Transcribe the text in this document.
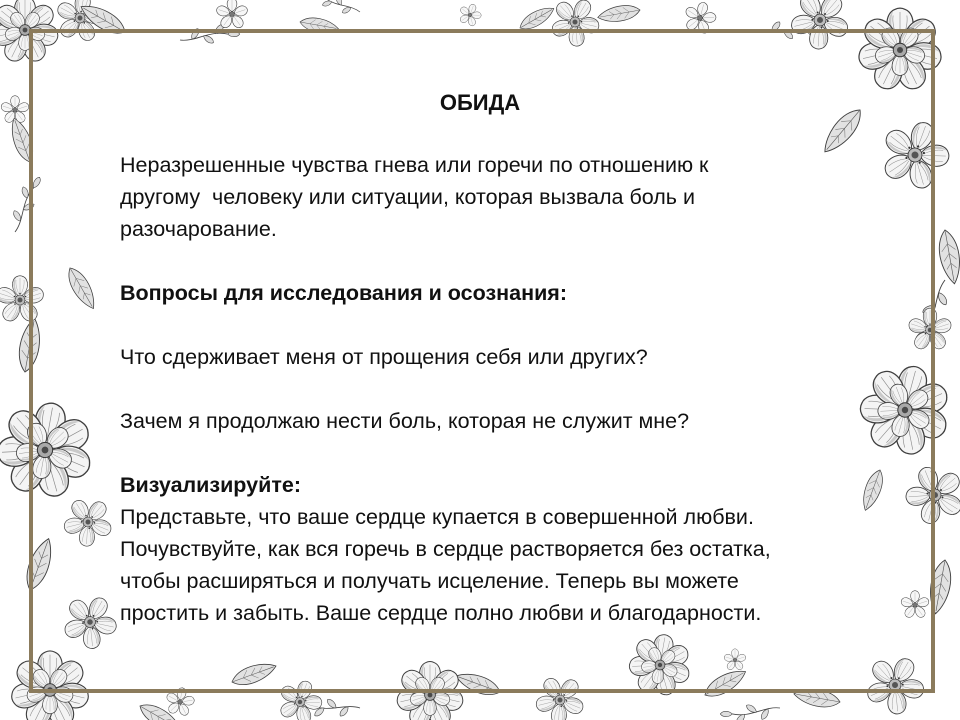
ОБИДА
Неразрешенные чувства гнева или горечи по отношению к
другому  человеку или ситуации, которая вызвала боль и
разочарование.
Вопросы для исследования и осознания:
Что сдерживает меня от прощения себя или других?
Зачем я продолжаю нести боль, которая не служит мне?
Визуализируйте:
Представьте, что ваше сердце купается в совершенной любви.
Почувствуйте, как вся горечь в сердце растворяется без остатка,
чтобы расширяться и получать исцеление. Теперь вы можете
простить и забыть. Ваше сердце полно любви и благодарности.
